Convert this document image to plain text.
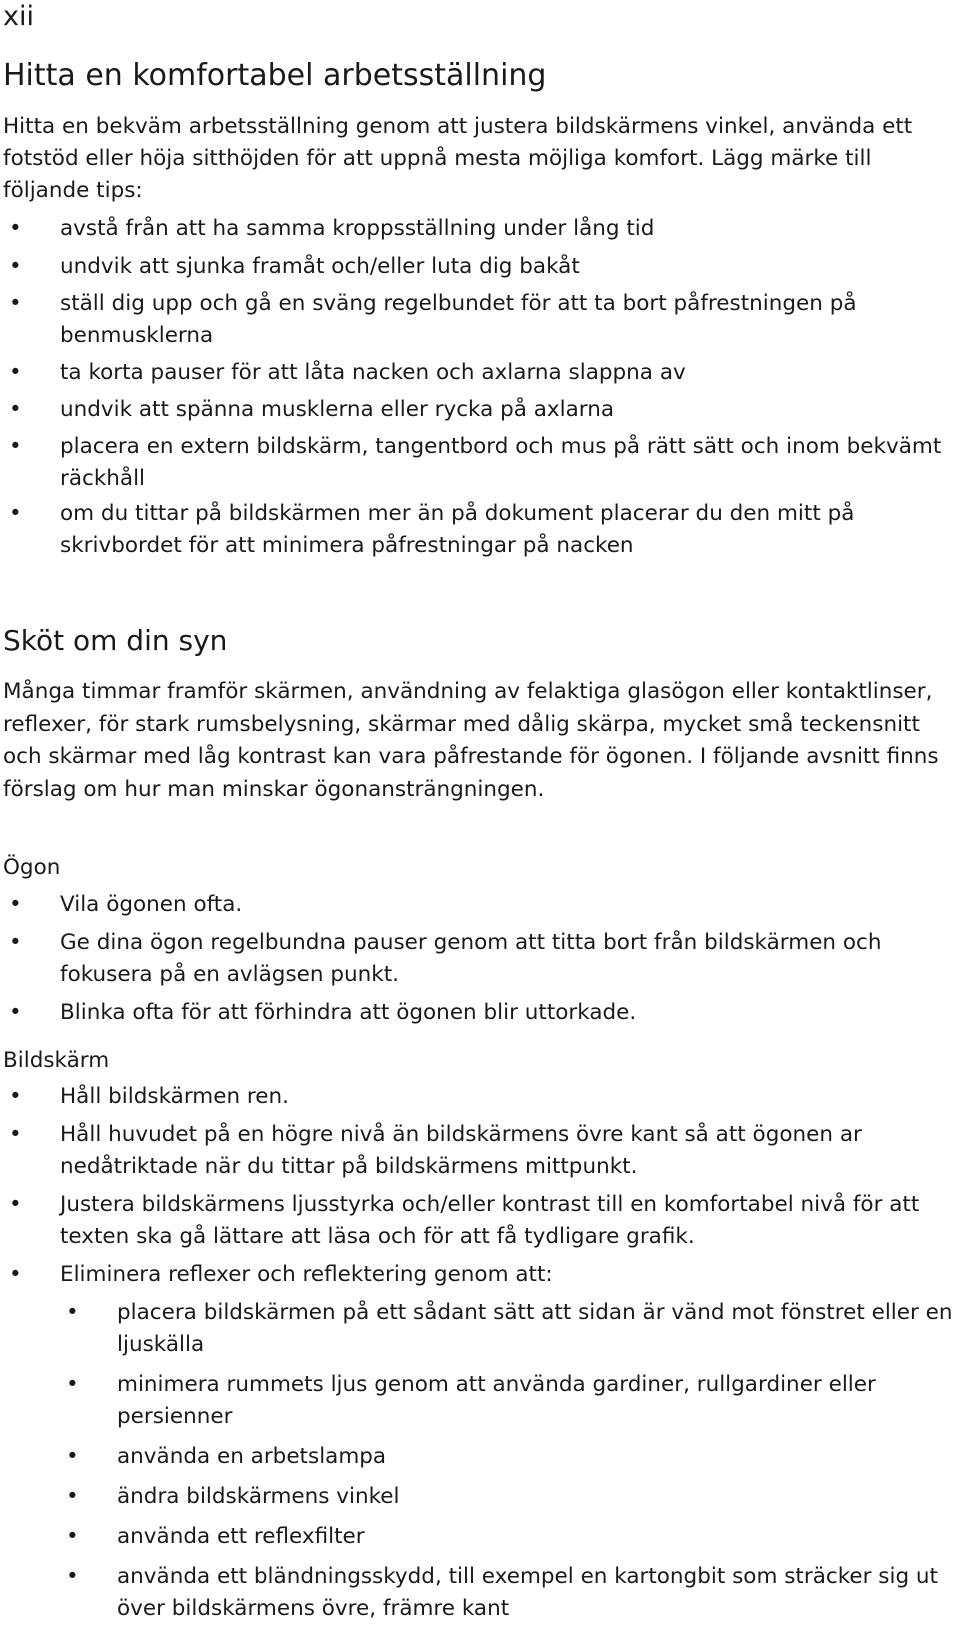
xii
Hitta en komfortabel arbetsställning

Hitta en bekväm arbetsställning genom att justera bildskärmens vinkel, använda ett fotstöd eller höja sitthöjden för att uppnå mesta möjliga komfort. Lägg märke till följande tips:

• avstå från att ha samma kroppsställning under lång tid
• undvik att sjunka framåt och/eller luta dig bakåt
• ställ dig upp och gå en sväng regelbundet för att ta bort påfrestningen på benmusklerna
• ta korta pauser för att låta nacken och axlarna slappna av
• undvik att spänna musklerna eller rycka på axlarna
• placera en extern bildskärm, tangentbord och mus på rätt sätt och inom bekvämt räckhåll
• om du tittar på bildskärmen mer än på dokument placerar du den mitt på skrivbordet för att minimera påfrestningar på nacken
Sköt om din syn

Många timmar framför skärmen, användning av felaktiga glasögon eller kontaktlinser, reflexer, för stark rumsbelysning, skärmar med dålig skärpa, mycket små teckensnitt och skärmar med låg kontrast kan vara påfrestande för ögonen. I följande avsnitt finns förslag om hur man minskar ögonansträngningen.

Ögon

• Vila ögonen ofta.
• Ge dina ögon regelbundna pauser genom att titta bort från bildskärmen och fokusera på en avlägsen punkt.
• Blinka ofta för att förhindra att ögonen blir uttorkade.

Bildskärm

• Håll bildskärmen ren.
• Håll huvudet på en högre nivå än bildskärmens övre kant så att ögonen ar nedåtriktade när du tittar på bildskärmens mittpunkt.
• Justera bildskärmens ljusstyrka och/eller kontrast till en komfortabel nivå för att texten ska gå lättare att läsa och för att få tydligare grafik.
• Eliminera reflexer och reflektering genom att:
• placera bildskärmen på ett sådant sätt att sidan är vänd mot fönstret eller en ljuskälla
• minimera rummets ljus genom att använda gardiner, rullgardiner eller persienner
• använda en arbetslampa
• ändra bildskärmens vinkel
• använda ett reflexfilter
• använda ett bländningsskydd, till exempel en kartongbit som sträcker sig ut över bildskärmens övre, främre kant
